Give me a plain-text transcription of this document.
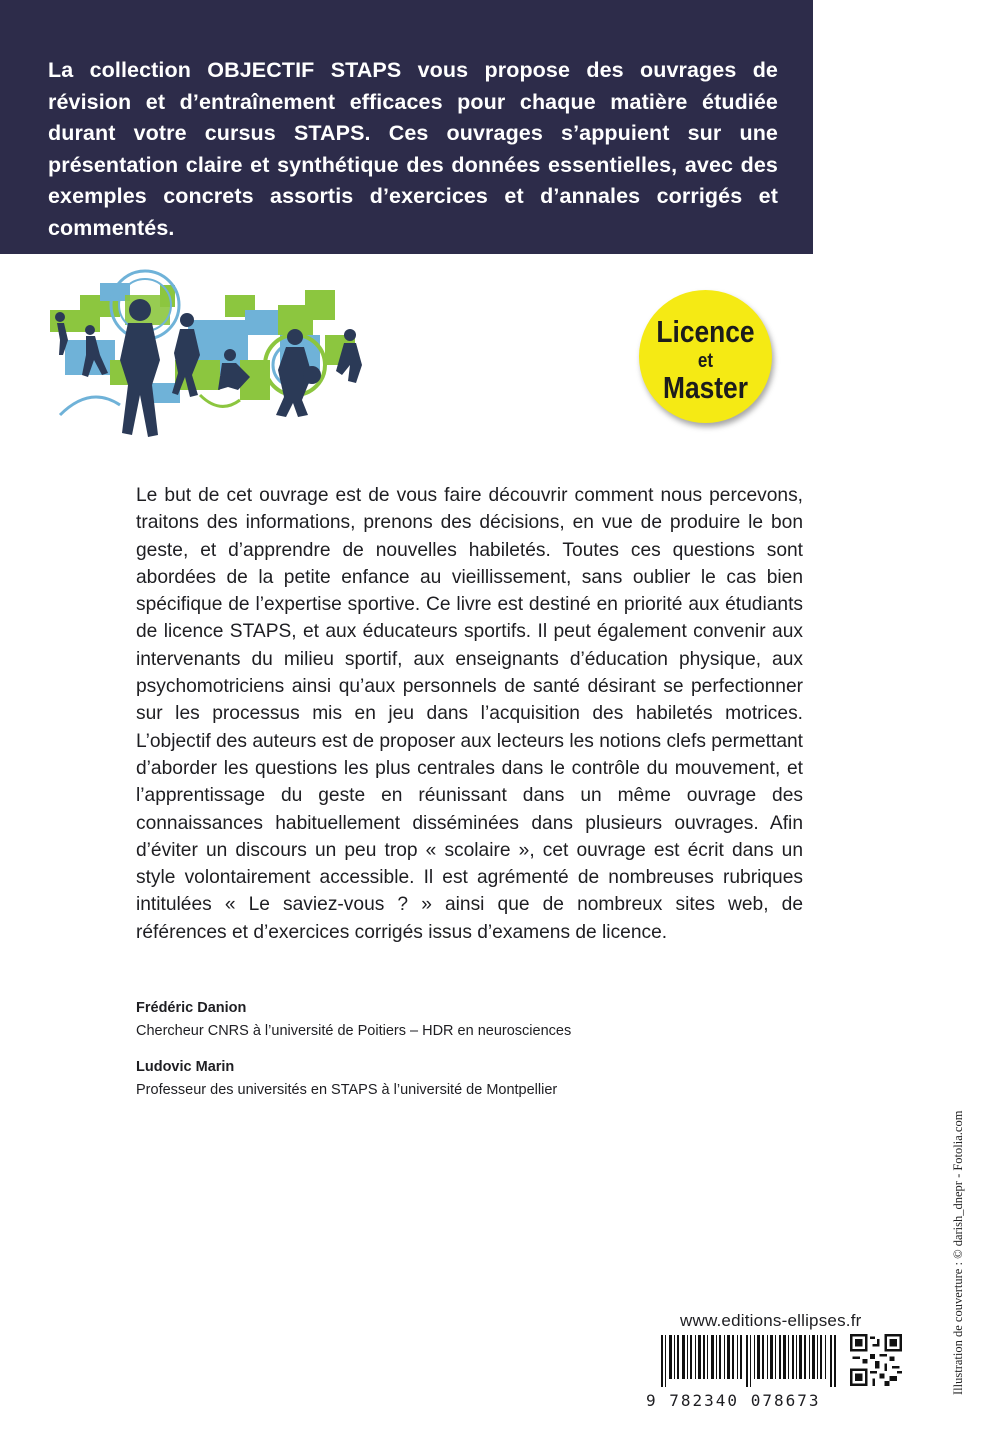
La collection OBJECTIF STAPS vous propose des ouvrages de révision et d’entraînement efficaces pour chaque matière étudiée durant votre cursus STAPS. Ces ouvrages s’appuient sur une présentation claire et synthétique des données essentielles, avec des exemples concrets assortis d’exercices et d’annales corrigés et commentés.
Licence
et
Master
Le but de cet ouvrage est de vous faire découvrir comment nous percevons, traitons des informations, prenons des décisions, en vue de produire le bon geste, et d’apprendre de nouvelles habiletés. Toutes ces questions sont abordées de la petite enfance au vieillissement, sans oublier le cas bien spécifique de l’expertise sportive. Ce livre est destiné en priorité aux étudiants de licence STAPS, et aux éducateurs sportifs. Il peut également convenir aux intervenants du milieu sportif, aux enseignants d’éducation physique, aux psychomotriciens ainsi qu’aux personnels de santé désirant se perfectionner sur les processus mis en jeu dans l’acquisition des habiletés motrices. L’objectif des auteurs est de proposer aux lecteurs les notions clefs permettant d’aborder les questions les plus centrales dans le contrôle du mouvement, et l’apprentissage du geste en réunissant dans un même ouvrage des connaissances habituellement disséminées dans plusieurs ouvrages. Afin d’éviter un discours un peu trop « scolaire », cet ouvrage est écrit dans un style volontairement accessible. Il est agrémenté de nombreuses rubriques intitulées « Le saviez-vous ? » ainsi que de nombreux sites web, de références et d’exercices corrigés issus d’examens de licence.
Frédéric Danion
Chercheur CNRS à l’université de Poitiers – HDR en neurosciences
Ludovic Marin
Professeur des universités en STAPS à l’université de Montpellier
Illustration de couverture : © darish_dnepr - Fotolia.com
www.editions-ellipses.fr
9 782340 078673
